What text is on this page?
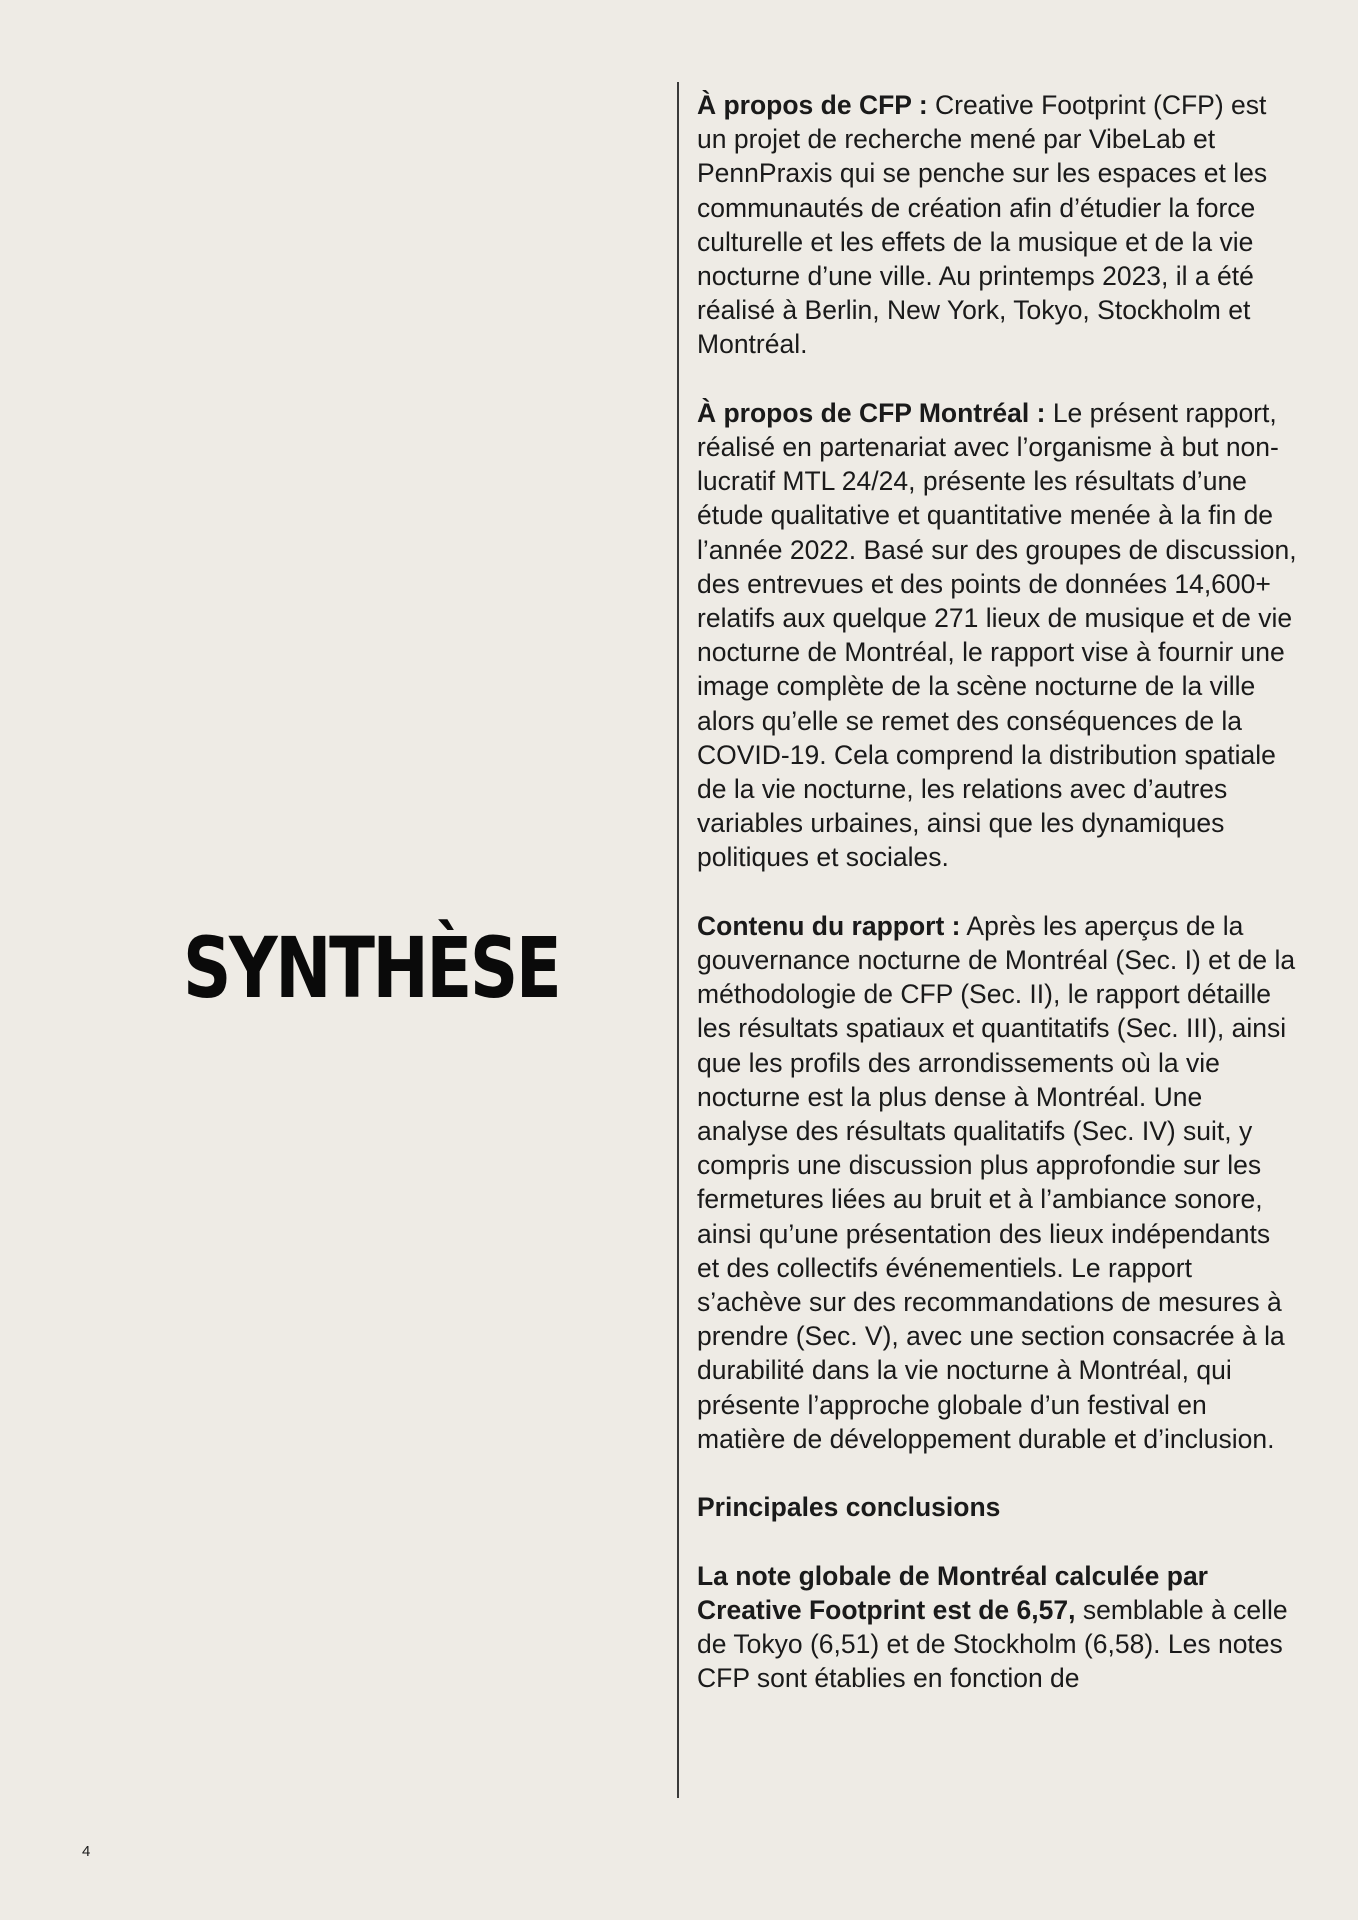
SYNTHÈSE

À propos de CFP : Creative Footprint (CFP) est un projet de recherche mené par VibeLab et PennPraxis qui se penche sur les espaces et les communautés de création afin d’étudier la force culturelle et les effets de la musique et de la vie nocturne d’une ville. Au printemps 2023, il a été réalisé à Berlin, New York, Tokyo, Stockholm et Montréal.

À propos de CFP Montréal : Le présent rapport, réalisé en partenariat avec l’organisme à but non-lucratif MTL 24/24, présente les résultats d’une étude qualitative et quantitative menée à la fin de l’année 2022. Basé sur des groupes de discussion, des entrevues et des points de données 14,600+ relatifs aux quelque 271 lieux de musique et de vie nocturne de Montréal, le rapport vise à fournir une image complète de la scène nocturne de la ville alors qu’elle se remet des conséquences de la COVID-19. Cela comprend la distribution spatiale de la vie nocturne, les relations avec d’autres variables urbaines, ainsi que les dynamiques politiques et sociales.

Contenu du rapport : Après les aperçus de la gouvernance nocturne de Montréal (Sec. I) et de la méthodologie de CFP (Sec. II), le rapport détaille les résultats spatiaux et quantitatifs (Sec. III), ainsi que les profils des arrondissements où la vie nocturne est la plus dense à Montréal. Une analyse des résultats qualitatifs (Sec. IV) suit, y compris une discussion plus approfondie sur les fermetures liées au bruit et à l’ambiance sonore, ainsi qu’une présentation des lieux indépendants et des collectifs événementiels. Le rapport s’achève sur des recommandations de mesures à prendre (Sec. V), avec une section consacrée à la durabilité dans la vie nocturne à Montréal, qui présente l’approche globale d’un festival en matière de développement durable et d’inclusion.

Principales conclusions

La note globale de Montréal calculée par Creative Footprint est de 6,57, semblable à celle de Tokyo (6,51) et de Stockholm (6,58). Les notes CFP sont établies en fonction de

4
